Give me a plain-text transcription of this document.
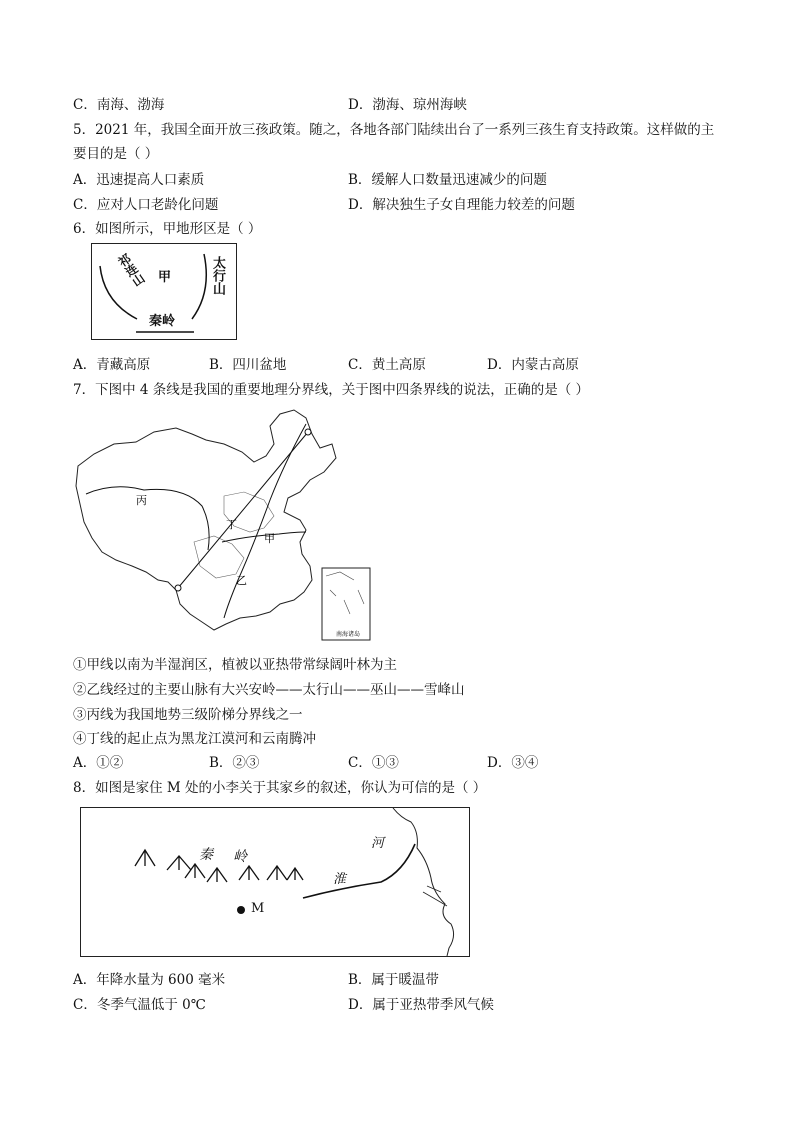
C．南海、渤海	D．渤海、琼州海峡
5．2021 年，我国全面开放三孩政策。随之，各地各部门陆续出台了一系列三孩生育支持政策。这样做的主
要目的是（ ）
A．迅速提高人口素质	B．缓解人口数量迅速减少的问题
C．应对人口老龄化问题	D．解决独生子女自理能力较差的问题
6．如图所示，甲地形区是（ ）
祁连山 甲	太行山
秦岭
A．青藏高原	B．四川盆地	C．黄土高原	D．内蒙古高原
7．下图中 4 条线是我国的重要地理分界线，关于图中四条界线的说法，正确的是（ ）
丙
丁
甲
乙
南海诸岛
①甲线以南为半湿润区，植被以亚热带常绿阔叶林为主
②乙线经过的主要山脉有大兴安岭——太行山——巫山——雪峰山
③丙线为我国地势三级阶梯分界线之一
④丁线的起止点为黑龙江漠河和云南腾冲
A．①②	B．②③	C．①③	D．③④
8．如图是家住 M 处的小李关于其家乡的叙述，你认为可信的是（ ）
秦 岭
淮
河
M
A．年降水量为 600 毫米	B．属于暖温带
C．冬季气温低于 0℃	D．属于亚热带季风气候
